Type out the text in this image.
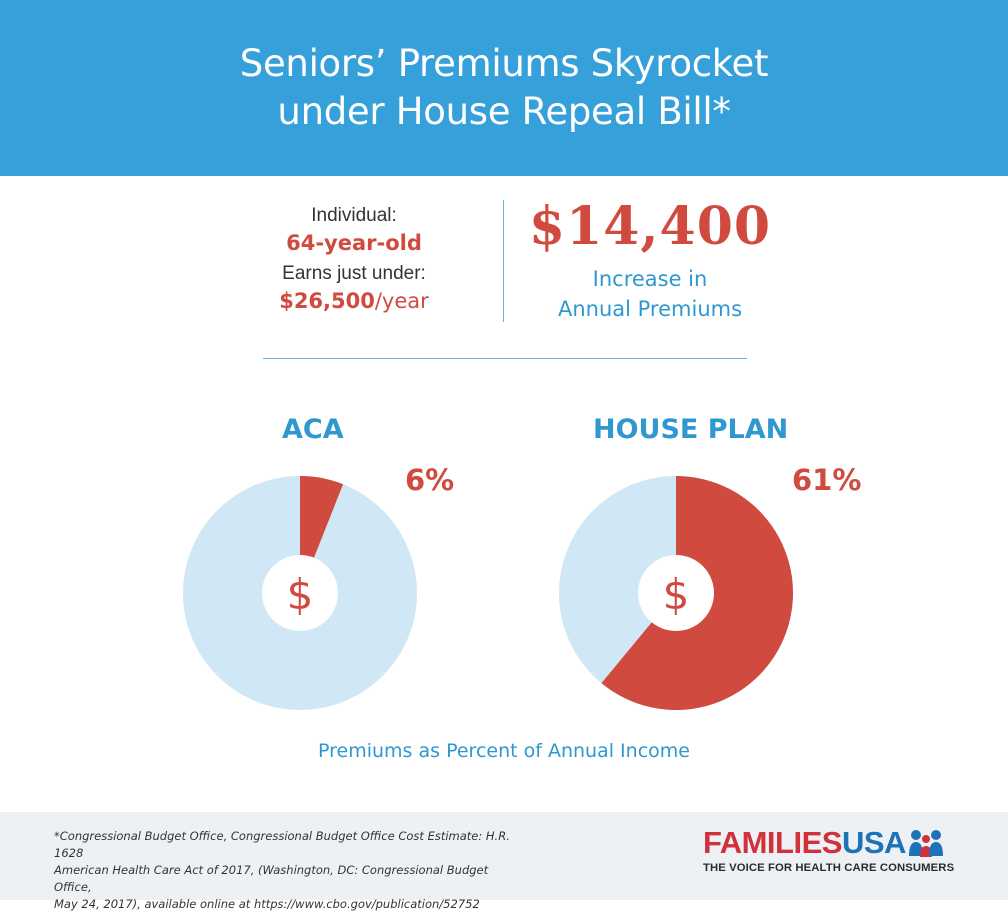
Seniors’ Premiums Skyrocket
under House Repeal Bill*
Individual:
64-year-old
Earns just under:
$26,500/year
$14,400
Increase in
Annual Premiums
ACA	HOUSE PLAN
6%	61%
$	$
Premiums as Percent of Annual Income
*Congressional Budget Office, Congressional Budget Office Cost Estimate: H.R. 1628
American Health Care Act of 2017, (Washington, DC: Congressional Budget Office,
May 24, 2017), available online at https://www.cbo.gov/publication/52752
FAMILIES USA
THE VOICE FOR HEALTH CARE CONSUMERS
